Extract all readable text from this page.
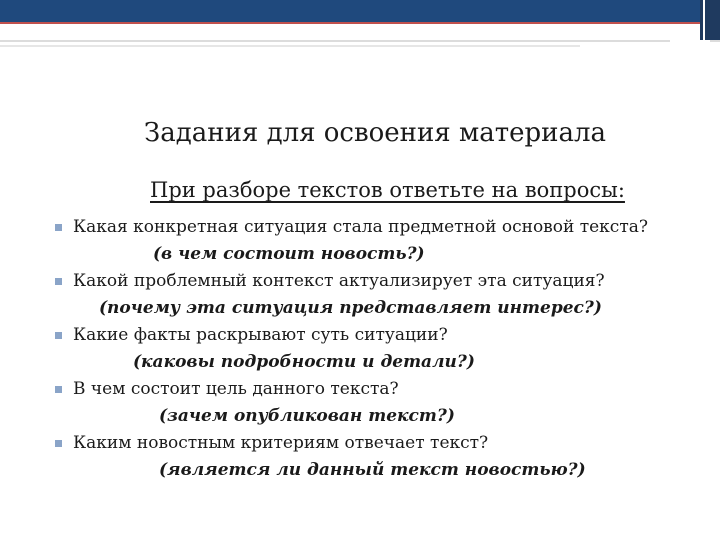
Задания для освоения материала
При разборе текстов ответьте на вопросы:
Какая конкретная ситуация стала предметной основой текста?
(в чем состоит новость?)
Какой проблемный контекст актуализирует эта ситуация?
(почему эта ситуация представляет интерес?)
Какие факты раскрывают суть ситуации?
(каковы подробности и детали?)
В чем состоит цель данного текста?
(зачем опубликован текст?)
Каким новостным критериям отвечает текст?
(является ли данный текст новостью?)
